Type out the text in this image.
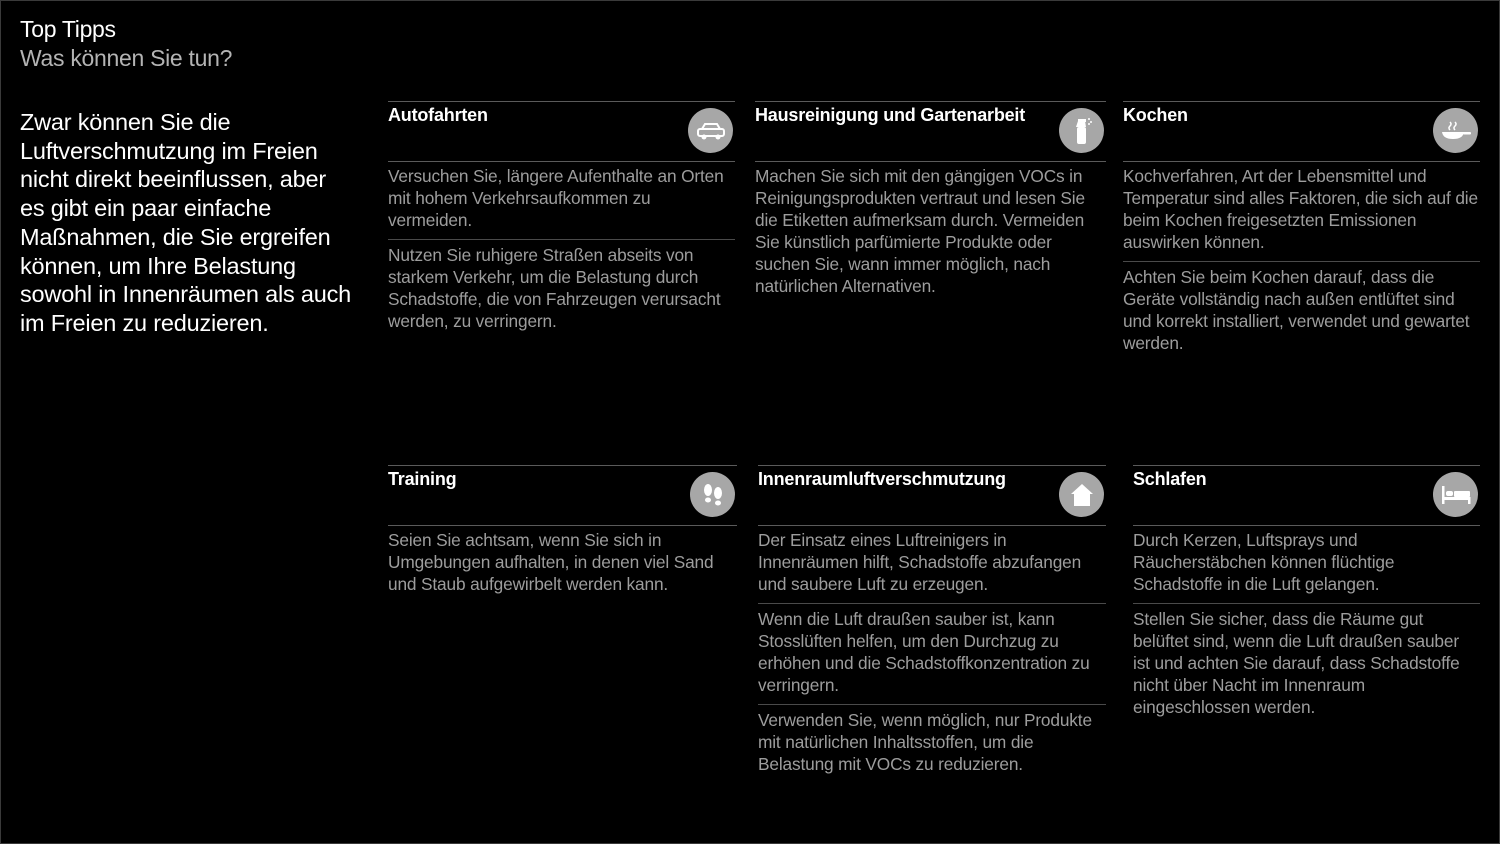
Top Tipps
Was können Sie tun?
Zwar können Sie die Luftverschmutzung im Freien nicht direkt beeinflussen, aber es gibt ein paar einfache Maßnahmen, die Sie ergreifen können, um Ihre Belastung sowohl in Innenräumen als auch im Freien zu reduzieren.
Autofahrten
Versuchen Sie, längere Aufenthalte an Orten mit hohem Verkehrsaufkommen zu vermeiden.
Nutzen Sie ruhigere Straßen abseits von starkem Verkehr, um die Belastung durch Schadstoffe, die von Fahrzeugen verursacht werden, zu verringern.
Hausreinigung und Gartenarbeit
Machen Sie sich mit den gängigen VOCs in Reinigungsprodukten vertraut und lesen Sie die Etiketten aufmerksam durch. Vermeiden Sie künstlich parfümierte Produkte oder suchen Sie, wann immer möglich, nach natürlichen Alternativen.
Kochen
Kochverfahren, Art der Lebensmittel und Temperatur sind alles Faktoren, die sich auf die beim Kochen freigesetzten Emissionen auswirken können.
Achten Sie beim Kochen darauf, dass die Geräte vollständig nach außen entlüftet sind und korrekt installiert, verwendet und gewartet werden.
Training
Seien Sie achtsam, wenn Sie sich in Umgebungen aufhalten, in denen viel Sand und Staub aufgewirbelt werden kann.
Innenraumluftverschmutzung
Der Einsatz eines Luftreinigers in Innenräumen hilft, Schadstoffe abzufangen und saubere Luft zu erzeugen.
Wenn die Luft draußen sauber ist, kann Stosslüften helfen, um den Durchzug zu erhöhen und die Schadstoffkonzentration zu verringern.
Verwenden Sie, wenn möglich, nur Produkte mit natürlichen Inhaltsstoffen, um die Belastung mit VOCs zu reduzieren.
Schlafen
Durch Kerzen, Luftsprays und Räucherstäbchen können flüchtige Schadstoffe in die Luft gelangen.
Stellen Sie sicher, dass die Räume gut belüftet sind, wenn die Luft draußen sauber ist und achten Sie darauf, dass Schadstoffe nicht über Nacht im Innenraum eingeschlossen werden.
